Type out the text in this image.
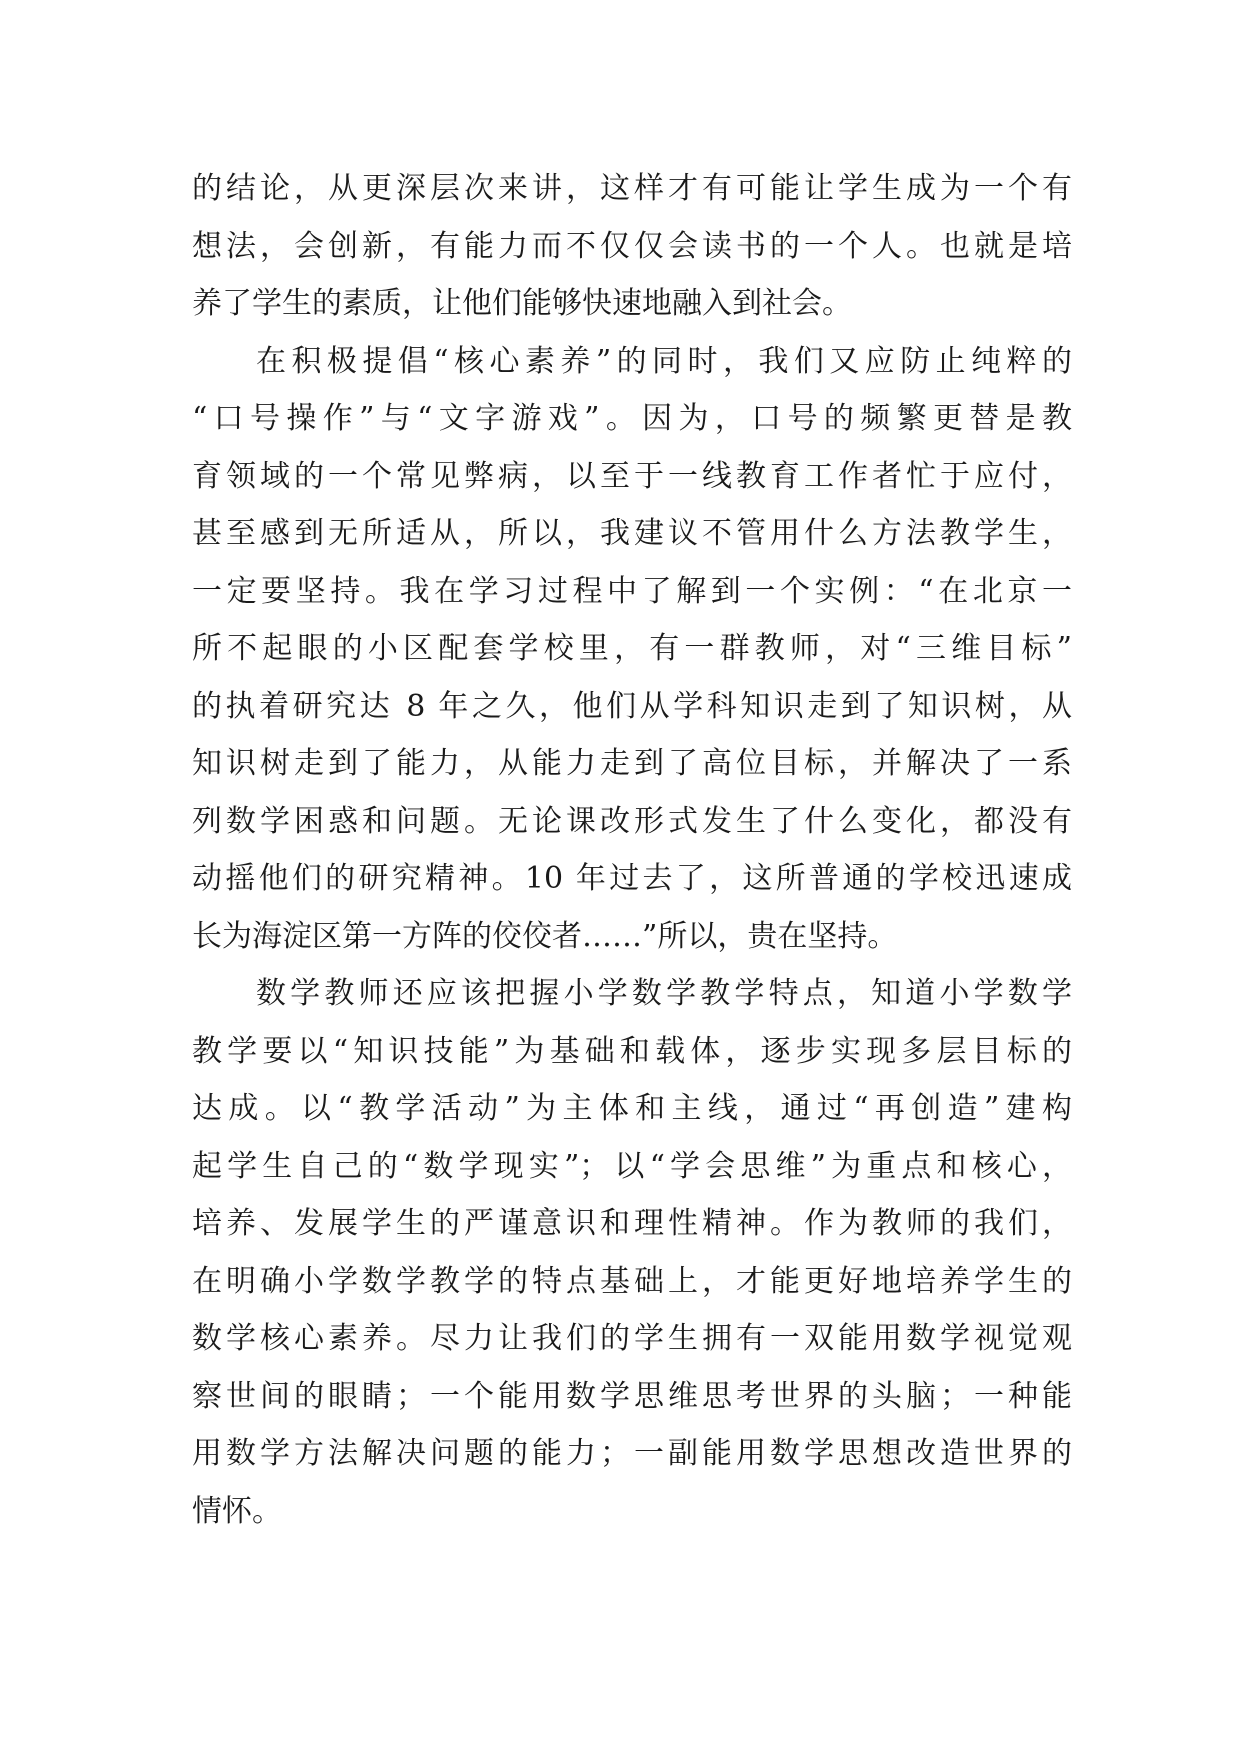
的结论，从更深层次来讲，这样才有可能让学生成为一个有
想法，会创新，有能力而不仅仅会读书的一个人。也就是培
养了学生的素质，让他们能够快速地融入到社会。
在积极提倡“核心素养”的同时，我们又应防止纯粹的
“口号操作”与“文字游戏”。因为，口号的频繁更替是教
育领域的一个常见弊病，以至于一线教育工作者忙于应付，
甚至感到无所适从，所以，我建议不管用什么方法教学生，
一定要坚持。我在学习过程中了解到一个实例：“在北京一
所不起眼的小区配套学校里，有一群教师，对“三维目标”
的执着研究达 8 年之久，他们从学科知识走到了知识树，从
知识树走到了能力，从能力走到了高位目标，并解决了一系
列数学困惑和问题。无论课改形式发生了什么变化，都没有
动摇他们的研究精神。10 年过去了，这所普通的学校迅速成
长为海淀区第一方阵的佼佼者……”所以，贵在坚持。
数学教师还应该把握小学数学教学特点，知道小学数学
教学要以“知识技能”为基础和载体，逐步实现多层目标的
达成。以“教学活动”为主体和主线，通过“再创造”建构
起学生自己的“数学现实”；以“学会思维”为重点和核心，
培养、发展学生的严谨意识和理性精神。作为教师的我们，
在明确小学数学教学的特点基础上，才能更好地培养学生的
数学核心素养。尽力让我们的学生拥有一双能用数学视觉观
察世间的眼睛；一个能用数学思维思考世界的头脑；一种能
用数学方法解决问题的能力；一副能用数学思想改造世界的
情怀。
